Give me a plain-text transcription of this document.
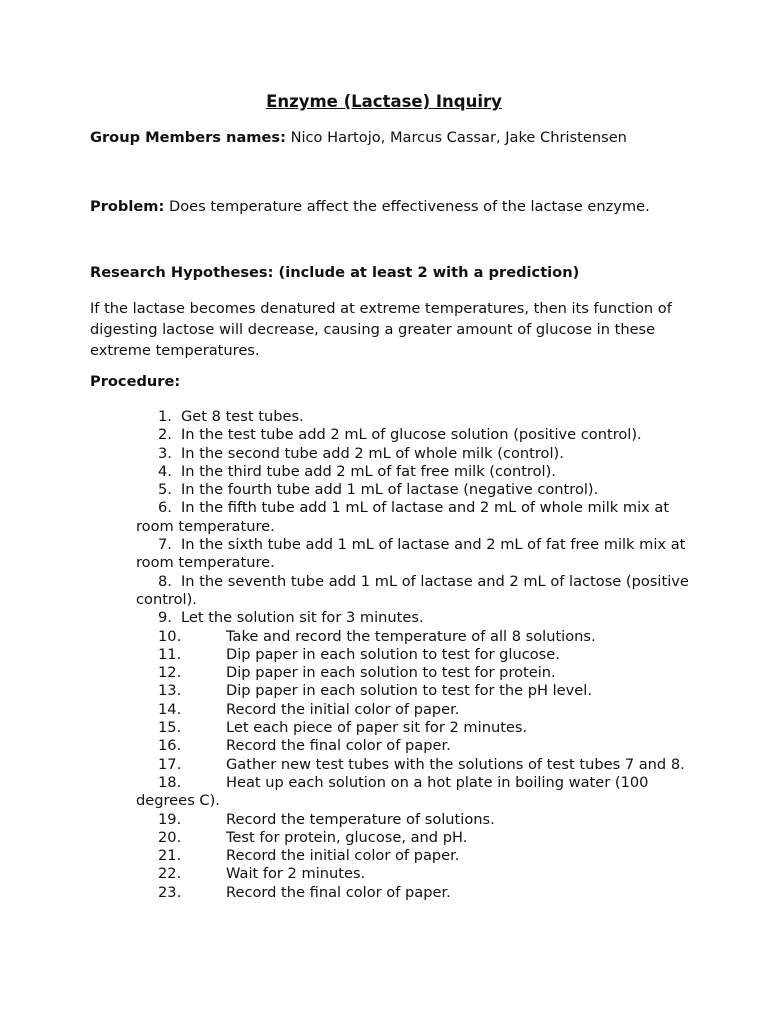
Enzyme (Lactase) Inquiry
Group Members names: Nico Hartojo, Marcus Cassar, Jake Christensen
Problem: Does temperature affect the effectiveness of the lactase enzyme.
Research Hypotheses: (include at least 2 with a prediction)
If the lactase becomes denatured at extreme temperatures, then its function of digesting lactose will decrease, causing a greater amount of glucose in these extreme temperatures.
Procedure:
1. Get 8 test tubes.
2. In the test tube add 2 mL of glucose solution (positive control).
3. In the second tube add 2 mL of whole milk (control).
4. In the third tube add 2 mL of fat free milk (control).
5. In the fourth tube add 1 mL of lactase (negative control).
6. In the fifth tube add 1 mL of lactase and 2 mL of whole milk mix at room temperature.
7. In the sixth tube add 1 mL of lactase and 2 mL of fat free milk mix at room temperature.
8. In the seventh tube add 1 mL of lactase and 2 mL of lactose (positive control).
9. Let the solution sit for 3 minutes.
10.	Take and record the temperature of all 8 solutions.
11.	Dip paper in each solution to test for glucose.
12.	Dip paper in each solution to test for protein.
13.	Dip paper in each solution to test for the pH level.
14.	Record the initial color of paper.
15.	Let each piece of paper sit for 2 minutes.
16.	Record the final color of paper.
17.	Gather new test tubes with the solutions of test tubes 7 and 8.
18.	Heat up each solution on a hot plate in boiling water (100 degrees C).
19.	Record the temperature of solutions.
20.	Test for protein, glucose, and pH.
21.	Record the initial color of paper.
22.	Wait for 2 minutes.
23.	Record the final color of paper.
